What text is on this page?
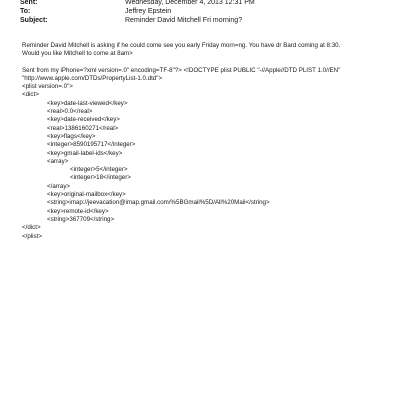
Sent:	Wednesday, December 4, 2013 12:31 PM
To:	Jeffrey Epstein
Subject:	Reminder David Mitchell Fri morning?
Reminder David Mitchell is asking if he could come see you early Friday morn=ng. You have dr Bard coming at 8:30.
Would you like Mitchell to come at 8am>
Sent from my iPhone=?xml version=.0" encoding=TF-8"?> <!DOCTYPE plist PUBLIC "-//Apple//DTD PLIST 1.0//EN"
"http://www.apple.com/DTDs/PropertyList-1.0.dtd">
<plist version=.0">
<dict>
<key>date-last-viewed</key>
<real>0.0</real>
<key>date-received</key>
<real>1386160271</real>
<key>flags</key>
<integer>8590195717</integer>
<key>gmail-label-ids</key>
<array>
<integer>5</integer>
<integer>18</integer>
</array>
<key>original-mailbox</key>
<string>imap://jeevacation@imap.gmail.com/%5BGmail%5D/All%20Mail</string>
<key>remote-id</key>
<string>367709</string>
</dict>
</plist>
